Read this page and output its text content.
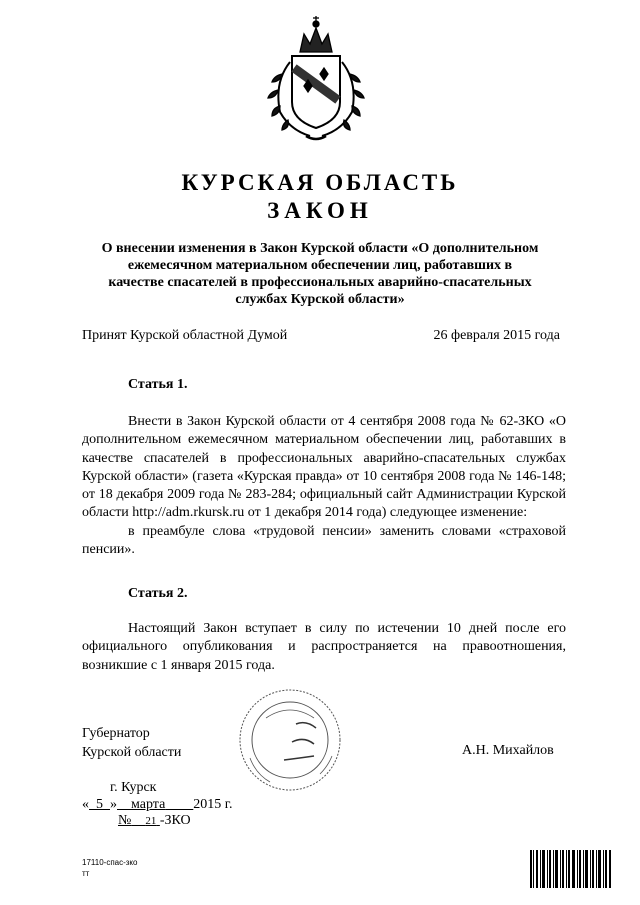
КУРСКАЯ ОБЛАСТЬ
ЗАКОН
О внесении изменения в Закон Курской области «О дополнительном
ежемесячном материальном обеспечении лиц, работавших в
качестве спасателей в профессиональных аварийно-спасательных
службах Курской области»
Принят Курской областной Думой	26 февраля 2015 года
Статья 1.

Внести в Закон Курской области от 4 сентября 2008 года № 62-ЗКО «О дополнительном ежемесячном материальном обеспечении лиц, работавших в качестве спасателей в профессиональных аварийно-спасательных службах Курской области» (газета «Курская правда» от 10 сентября 2008 года № 146-148; от 18 декабря 2009 года № 283-284; официальный сайт Администрации Курской области http://adm.rkursk.ru от 1 декабря 2014 года) следующее изменение:

в преамбуле слова «трудовой пенсии» заменить словами «страховой пенсии».

Статья 2.

Настоящий Закон вступает в силу по истечении 10 дней после его официального опубликования и распространяется на правоотношения, возникшие с 1 января 2015 года.

Губернатор
Курской области	А.Н. Михайлов
г. Курск
« 5 » марта 2015 г.
№ 21 -ЗКО
17110-спас-зко
тт
